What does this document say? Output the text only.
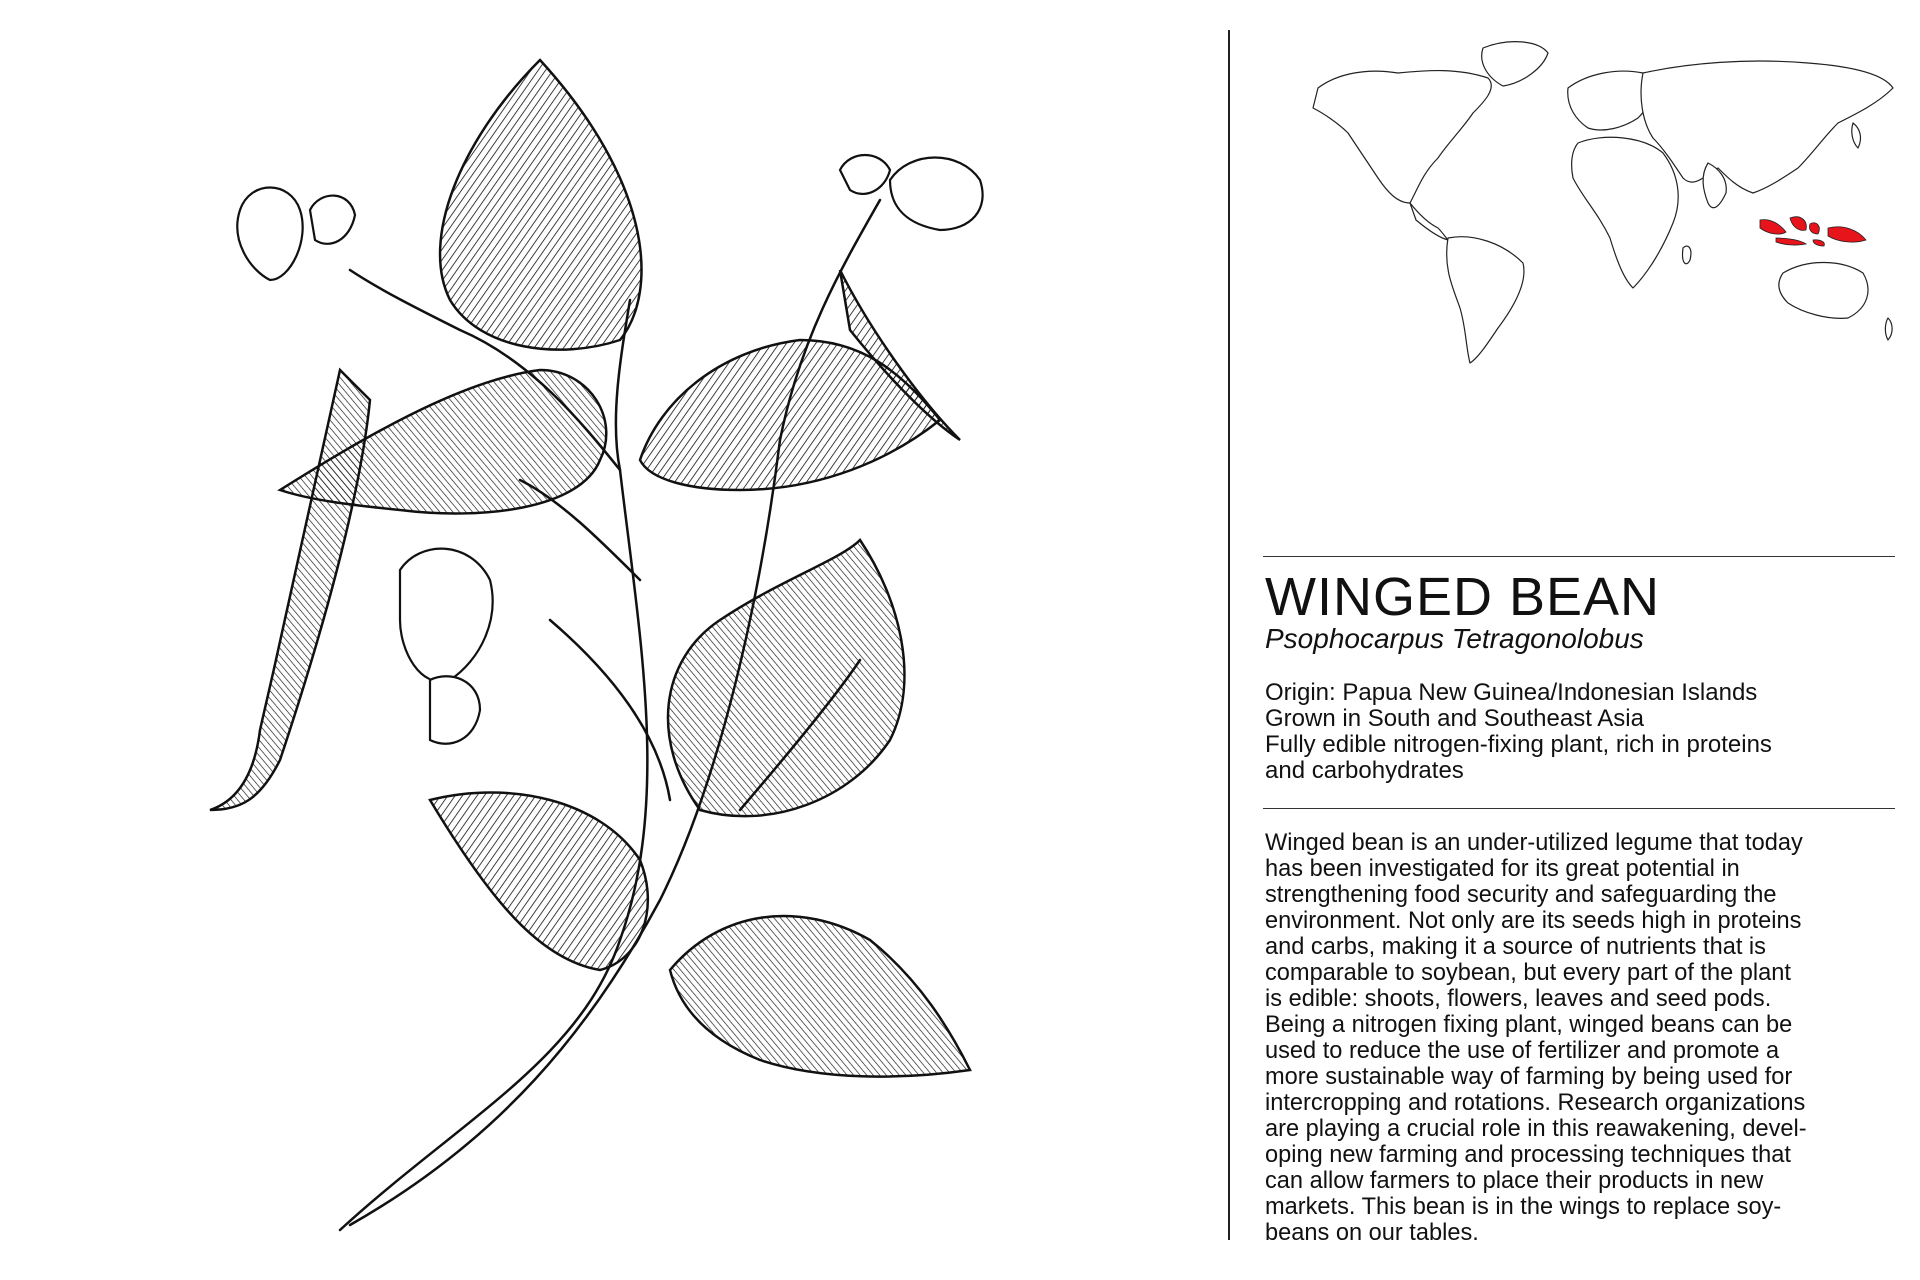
WINGED BEAN

Psophocarpus Tetragonolobus

Origin: Papua New Guinea/Indonesian Islands
Grown in South and Southeast Asia
Fully edible nitrogen-fixing plant, rich in proteins
and carbohydrates
Winged bean is an under-utilized legume that today
has been investigated for its great potential in
strengthening food security and safeguarding the
environment. Not only are its seeds high in proteins
and carbs, making it a source of nutrients that is
comparable to soybean, but every part of the plant
is edible: shoots, flowers, leaves and seed pods.
Being a nitrogen fixing plant, winged beans can be
used to reduce the use of fertilizer and promote a
more sustainable way of farming by being used for
intercropping and rotations. Research organizations
are playing a crucial role in this reawakening, devel-
oping new farming and processing techniques that
can allow farmers to place their products in new
markets. This bean is in the wings to replace soy-
beans on our tables.
